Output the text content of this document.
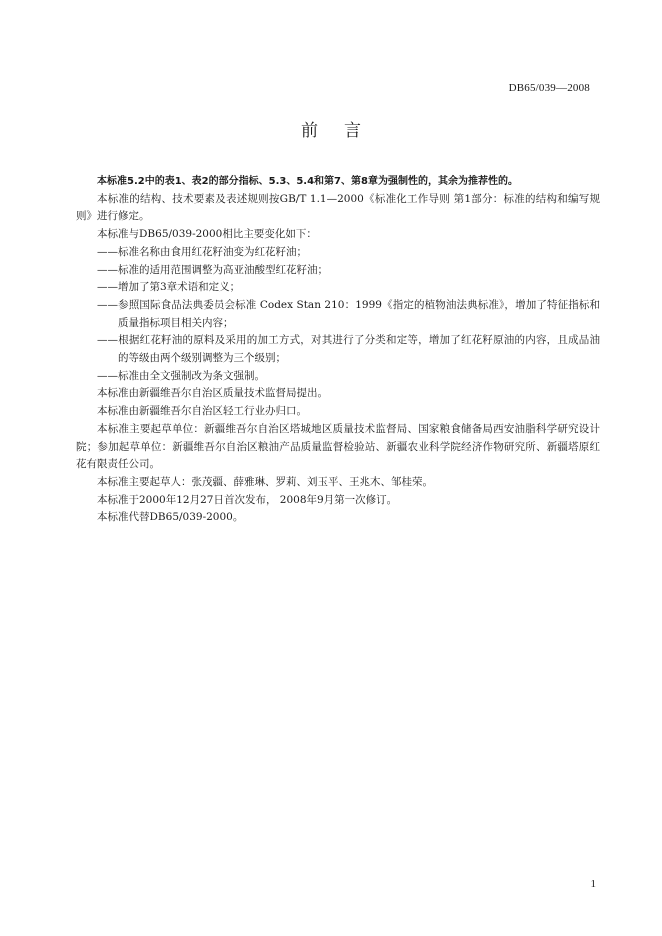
DB65/039—2008
前言

本标准5.2中的表1、表2的部分指标、5.3、5.4和第7、第8章为强制性的，其余为推荐性的。

本标准的结构、技术要素及表述规则按GB/T 1.1—2000《标准化工作导则 第1部分：标准的结构和编写规则》进行修定。

本标准与DB65/039-2000相比主要变化如下：

——标准名称由食用红花籽油变为红花籽油；

——标准的适用范围调整为高亚油酸型红花籽油；

——增加了第3章术语和定义；

——参照国际食品法典委员会标准 Codex Stan 210：1999《指定的植物油法典标准》，增加了特征指标和质量指标项目相关内容；

——根据红花籽油的原料及采用的加工方式，对其进行了分类和定等，增加了红花籽原油的内容，且成品油的等级由两个级别调整为三个级别；

——标准由全文强制改为条文强制。

本标准由新疆维吾尔自治区质量技术监督局提出。

本标准由新疆维吾尔自治区轻工行业办归口。

本标准主要起草单位：新疆维吾尔自治区塔城地区质量技术监督局、国家粮食储备局西安油脂科学研究设计院；参加起草单位：新疆维吾尔自治区粮油产品质量监督检验站、新疆农业科学院经济作物研究所、新疆塔原红花有限责任公司。

本标准主要起草人：张茂疆、薛雅琳、罗莉、刘玉平、王兆木、邹桂荣。

本标准于2000年12月27日首次发布， 2008年9月第一次修订。

本标准代替DB65/039-2000。

1
